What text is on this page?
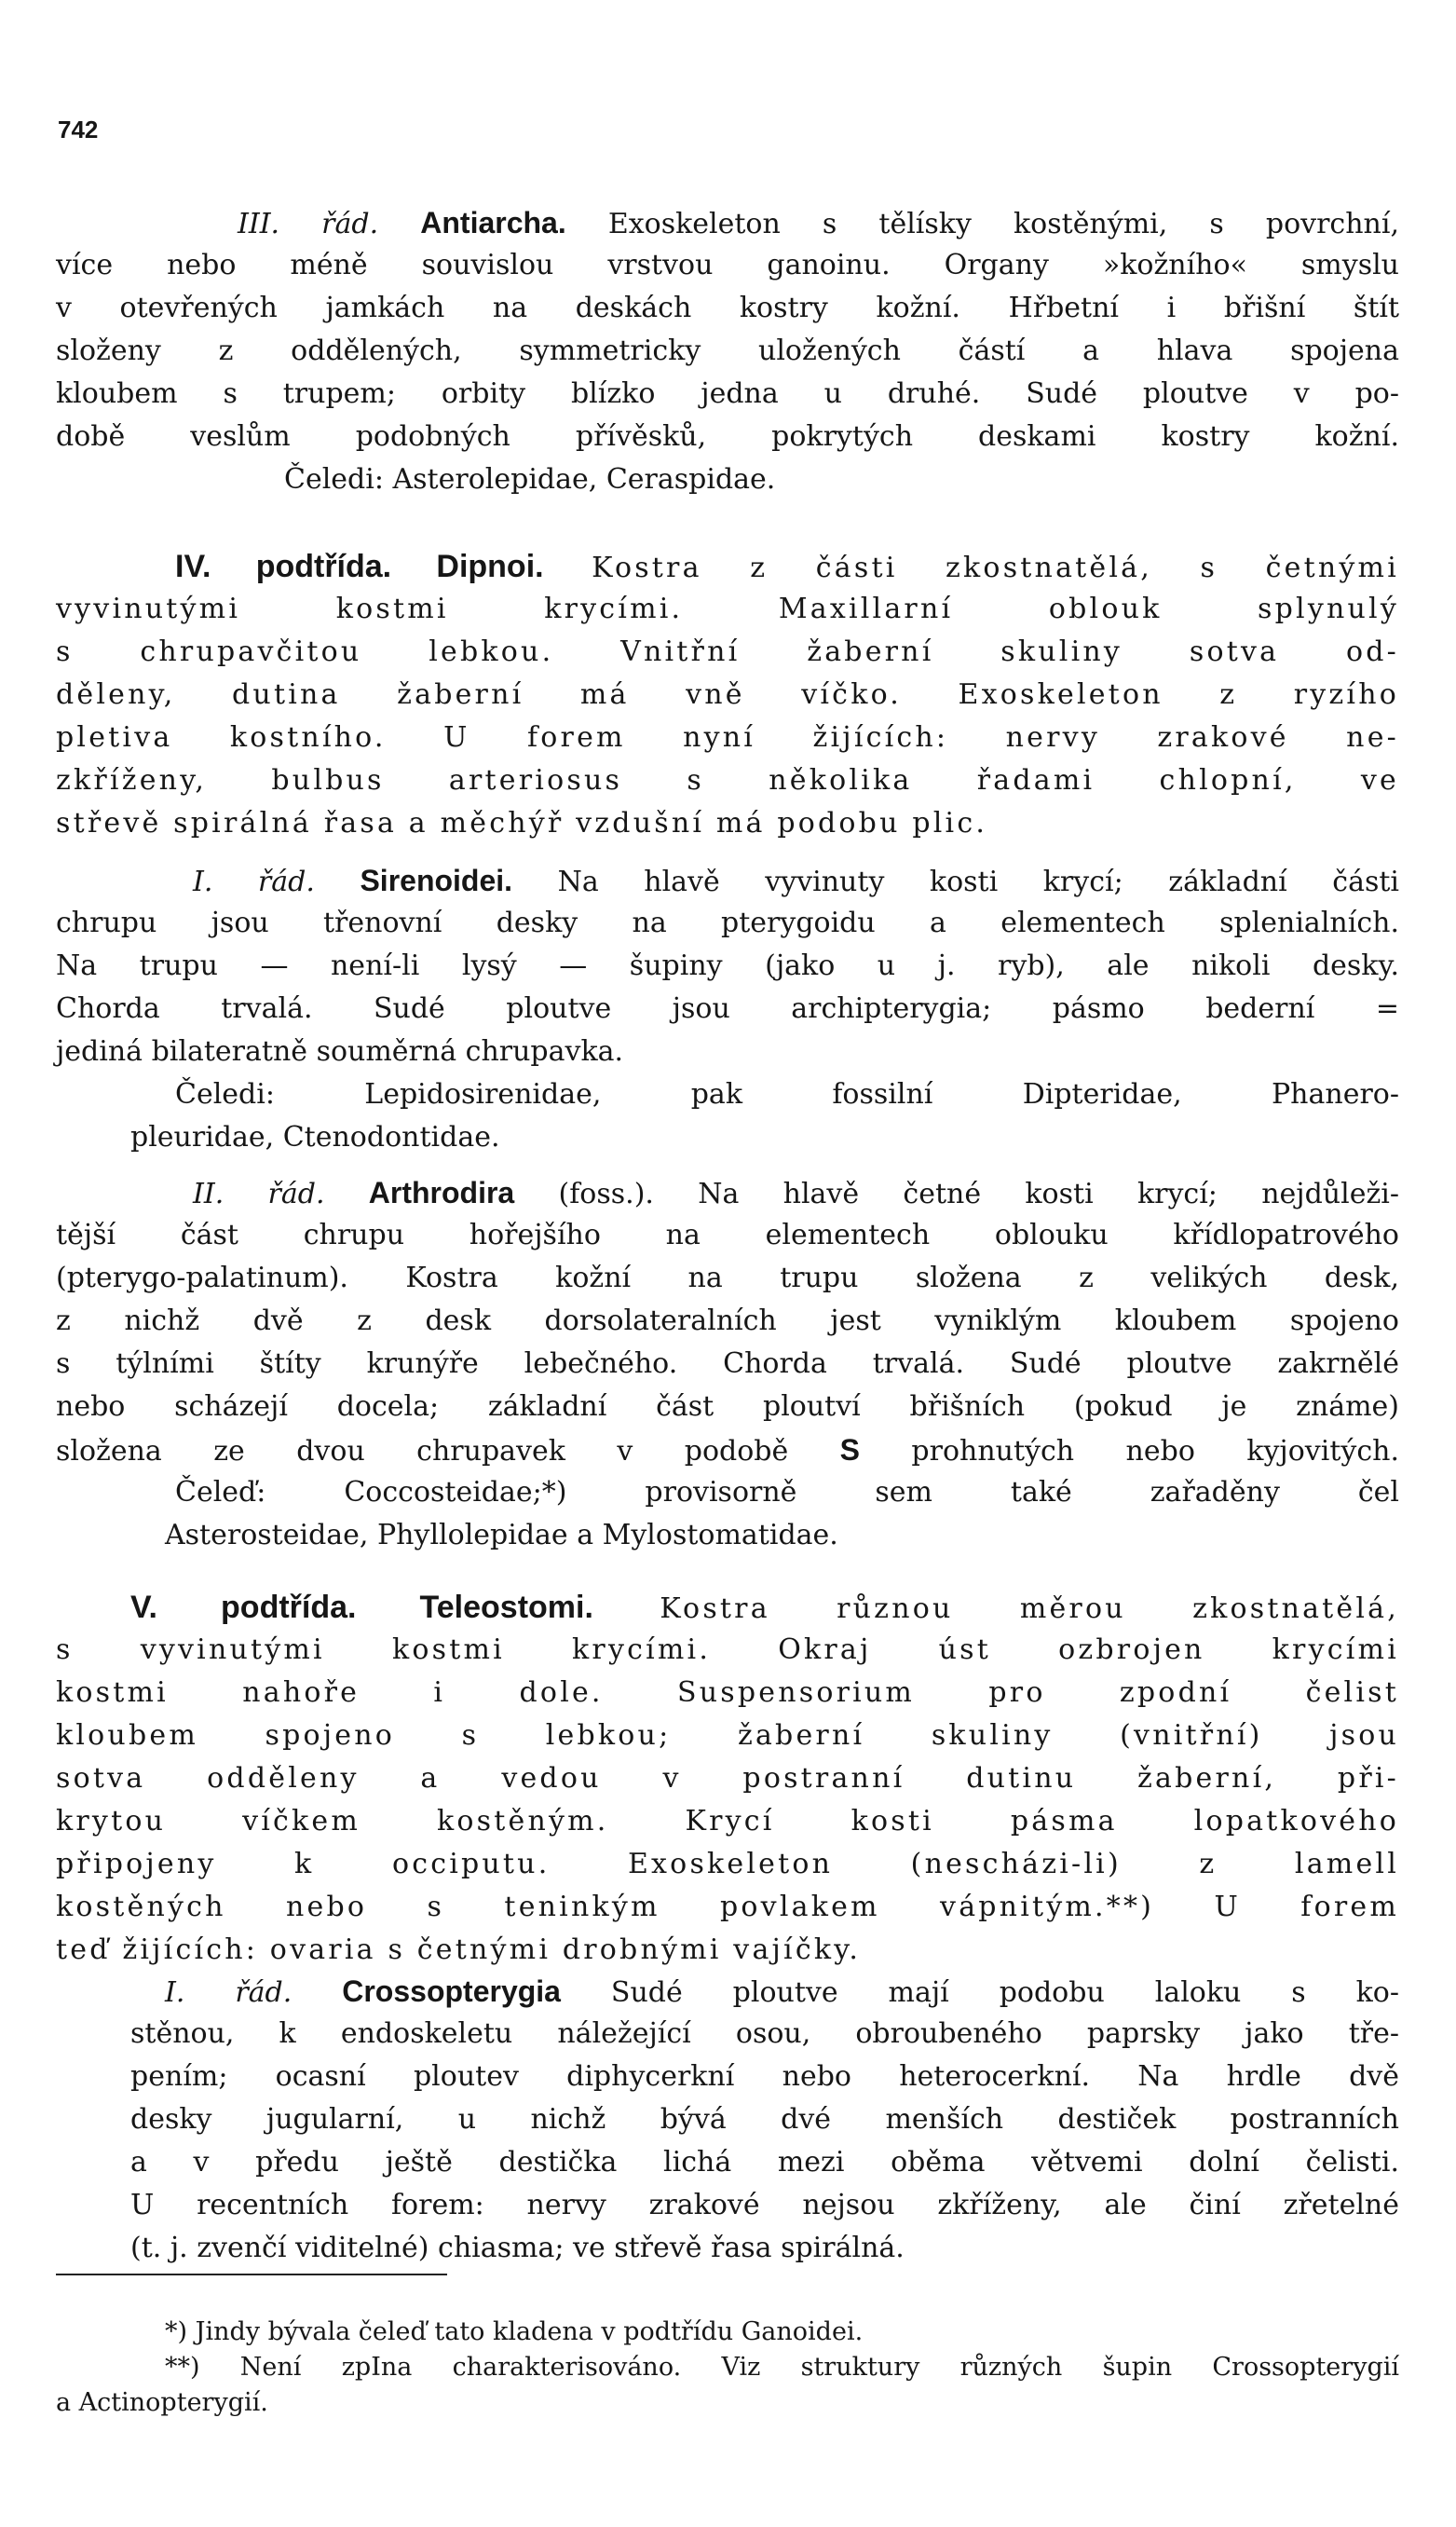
742
III. řád. Antiarcha. Exoskeleton s tělísky kostěnými, s povrchní,
více nebo méně souvislou vrstvou ganoinu. Organy »kožního« smyslu
v otevřených jamkách na deskách kostry kožní. Hřbetní i břišní štít
složeny z oddělených, symmetricky uložených částí a hlava spojena
kloubem s trupem; orbity blízko jedna u druhé. Sudé ploutve v po-
době veslům podobných přívěsků, pokrytých deskami kostry kožní.
Čeledi: Asterolepidae, Ceraspidae.
IV. podtřída. Dipnoi. Kostra z části zkostnatělá, s četnými
vyvinutými kostmi krycími. Maxillarní oblouk splynulý
s chrupavčitou lebkou. Vnitřní žaberní skuliny sotva od-
děleny, dutina žaberní má vně víčko. Exoskeleton z ryzího
pletiva kostního. U forem nyní žijících: nervy zrakové ne-
zkříženy, bulbus arteriosus s několika řadami chlopní, ve
střevě spirálná řasa a měchýř vzdušní má podobu plic.
I. řád. Sirenoidei. Na hlavě vyvinuty kosti krycí; základní části
chrupu jsou třenovní desky na pterygoidu a elementech splenialních.
Na trupu — není-li lysý — šupiny (jako u j. ryb), ale nikoli desky.
Chorda trvalá. Sudé ploutve jsou archipterygia; pásmo bederní =
jediná bilateratně souměrná chrupavka.
Čeledi: Lepidosirenidae, pak fossilní Dipteridae, Phanero-
pleuridae, Ctenodontidae.
II. řád. Arthrodira (foss.). Na hlavě četné kosti krycí; nejdůleži-
tější část chrupu hořejšího na elementech oblouku křídlopatrového
(pterygo-palatinum). Kostra kožní na trupu složena z velikých desk,
z nichž dvě z desk dorsolateralních jest vyniklým kloubem spojeno
s týlními štíty krunýře lebečného. Chorda trvalá. Sudé ploutve zakrnělé
nebo scházejí docela; základní část ploutví břišních (pokud je známe)
složena ze dvou chrupavek v podobě S prohnutých nebo kyjovitých.
Čeleď: Coccosteidae;*) provisorně sem také zařaděny čel
Asterosteidae, Phyllolepidae a Mylostomatidae.
V. podtřída. Teleostomi. Kostra různou měrou zkostnatělá,
s vyvinutými kostmi krycími. Okraj úst ozbrojen krycími
kostmi nahoře i dole. Suspensorium pro zpodní čelist
kloubem spojeno s lebkou; žaberní skuliny (vnitřní) jsou
sotva odděleny a vedou v postranní dutinu žaberní, při-
krytou víčkem kostěným. Krycí kosti pásma lopatkového
připojeny k occiputu. Exoskeleton (nescházi-li) z lamell
kostěných nebo s teninkým povlakem vápnitým.**) U forem
teď žijících: ovaria s četnými drobnými vajíčky.
I. řád. Crossopterygia Sudé ploutve mají podobu laloku s ko-
stěnou, k endoskeletu náležející osou, obroubeného paprsky jako tře-
pením; ocasní ploutev diphycerkní nebo heterocerkní. Na hrdle dvě
desky jugularní, u nichž bývá dvé menších destiček postranních
a v předu ještě destička lichá mezi oběma větvemi dolní čelisti.
U recentních forem: nervy zrakové nejsou zkříženy, ale činí zřetelné
(t. j. zvenčí viditelné) chiasma; ve střevě řasa spirálná.
*) Jindy bývala čeleď tato kladena v podtřídu Ganoidei.
**) Není zpIna charakterisováno. Viz struktury různých šupin Crossopterygií
a Actinopterygií.
